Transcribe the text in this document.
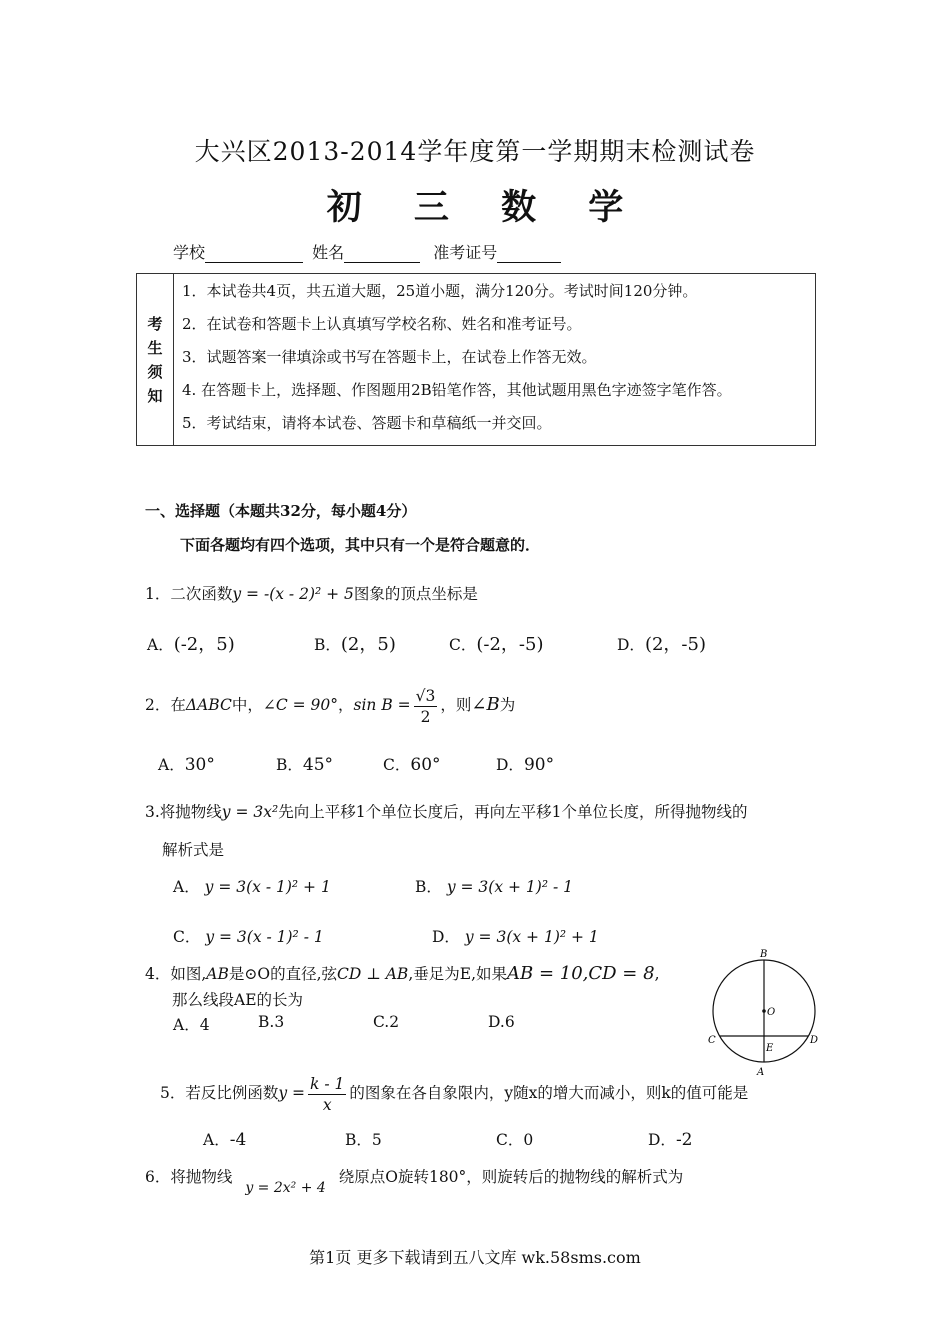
大兴区2013-2014学年度第一学期期末检测试卷
初 三 数 学
学校	姓名	准考证号
考
生
须
知

1．本试卷共4页，共五道大题，25道小题，满分120分。考试时间120分钟。
2．在试卷和答题卡上认真填写学校名称、姓名和准考证号。
3．试题答案一律填涂或书写在答题卡上，在试卷上作答无效。
4. 在答题卡上，选择题、作图题用2B铅笔作答，其他试题用黑色字迹签字笔作答。
5．考试结束，请将本试卷、答题卡和草稿纸一并交回。
一、选择题（本题共32分，每小题4分）
下面各题均有四个选项，其中只有一个是符合题意的．
1．二次函数y = -(x - 2)² + 5图象的顶点坐标是
A．(-2，5)	B．(2，5)	C．(-2，-5)	D．(2，-5)
2．在ΔABC中，∠C = 90°，$\sin B = \frac{√3}{2}$ ，则∠B为
A．30°	B．45°	C．60°	D．90°
3.将抛物线y = 3x²先向上平移1个单位长度后，再向左平移1个单位长度，所得抛物线的
解析式是
A． y = 3(x - 1)² + 1	B． y = 3(x + 1)² - 1
C． y = 3(x - 1)² - 1	D． y = 3(x + 1)² + 1
4．如图,AB是⊙O的直径,弦CD ⊥ AB,垂足为E,如果AB = 10,CD = 8,
那么线段AE的长为
A．4	B.3	C.2	D.6
B
O
C	D
E
A
5．若反比例函数$y = \frac{k - 1}{x}$ 的图象在各自象限内，y随x的增大而减小，则k的值可能是
A．-4	B．5	C．0	D．-2
6．将抛物线 y = 2x² + 4 绕原点O旋转180°，则旋转后的抛物线的解析式为
第1页 更多下载请到五八文库 wk.58sms.com
